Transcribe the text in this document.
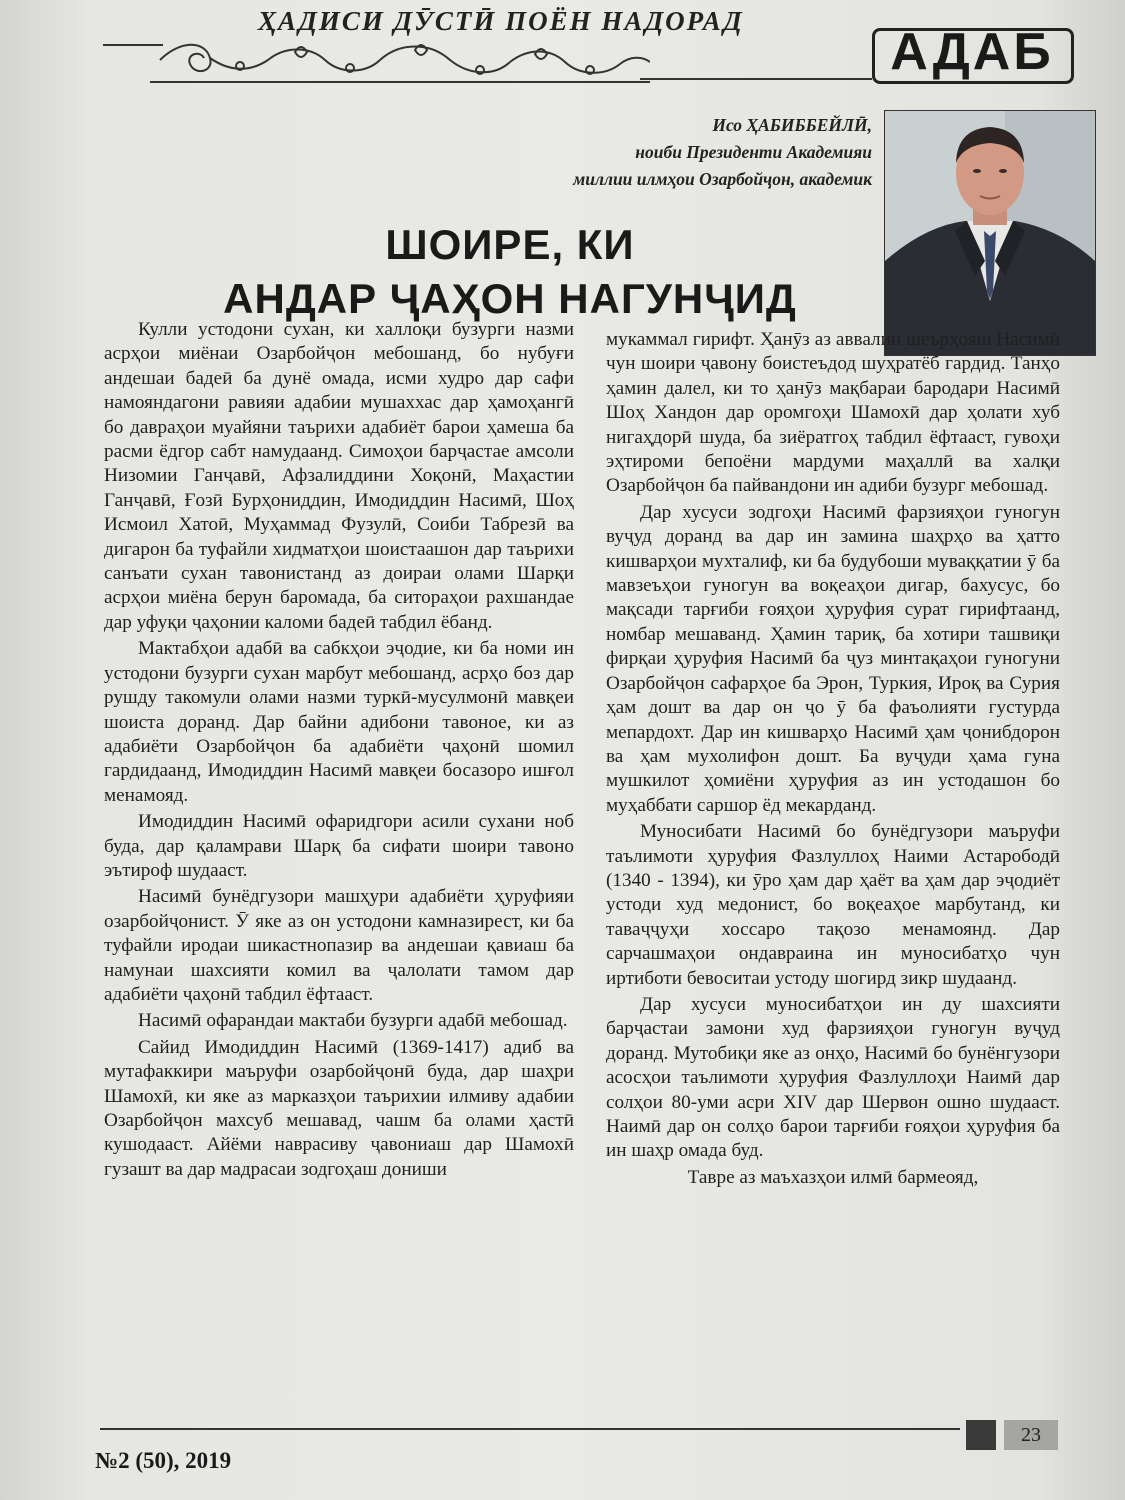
ҲАДИСИ ДӮСТӢ ПОЁН НАДОРАД
АДАБ
Исо ҲАБИББЕЙЛӢ,
ноиби Президенти Академияи
миллии илмҳои Озарбойҷон, академик
ШОИРЕ, КИ
АНДАР ҶАҲОН НАГУНҶИД

Кулли устодони сухан, ки халлоқи бузурги назми асрҳои миёнаи Озарбойҷон мебошанд, бо нубуғи андешаи бадеӣ ба дунё омада, исми худро дар сафи намояндагони равияи адабии мушаххас дар ҳамоҳангӣ бо давраҳои муайяни таърихи адабиёт барои ҳамеша ба расми ёдгор сабт намудаанд. Симоҳои барҷастае амсоли Низомии Ганҷавӣ, Афзалиддини Хоқонӣ, Маҳастии Ганҷавӣ, Ғозӣ Бурҳониддин, Имодиддин Насимӣ, Шоҳ Исмоил Хатоӣ, Муҳаммад Фузулӣ, Соиби Табрезӣ ва дигарон ба туфайли хидматҳои шоистаашон дар таърихи санъати сухан тавонистанд аз доираи олами Шарқи асрҳои миёна берун баромада, ба ситораҳои рахшандае дар уфуқи ҷаҳонии каломи бадеӣ табдил ёбанд.

Мактабҳои адабӣ ва сабкҳои эҷодие, ки ба номи ин устодони бузурги сухан марбут мебошанд, асрҳо боз дар рушду такомули олами назми туркӣ-мусулмонӣ мавқеи шоиста доранд. Дар байни адибони тавоное, ки аз адабиёти Озарбойҷон ба адабиёти ҷаҳонӣ шомил гардидаанд, Имодиддин Насимӣ мавқеи босазоро ишғол менамояд.

Имодиддин Насимӣ офаридгори асили сухани ноб буда, дар қаламрави Шарқ ба сифати шоири тавоно эътироф шудааст.

Насимӣ бунёдгузори машҳури адабиёти ҳуруфияи озарбойҷонист. Ӯ яке аз он устодони камназирест, ки ба туфайли иродаи шикастнопазир ва андешаи қавиаш ба намунаи шахсияти комил ва ҷалолати тамом дар адабиёти ҷаҳонӣ табдил ёфтааст.

Насимӣ офарандаи мактаби бузурги адабӣ мебошад.

Сайид Имодиддин Насимӣ (1369-1417) адиб ва мутафаккири маъруфи озарбойҷонӣ буда, дар шаҳри Шамохӣ, ки яке аз марказҳои таърихии илмиву адабии Озарбойҷон махсуб мешавад, чашм ба олами ҳастӣ кушодааст. Айёми наврасиву ҷавониаш дар Шамохӣ гузашт ва дар мадрасаи зодгоҳаш дониши

мукаммал гирифт. Ҳанӯз аз аввалин шеърҳояш Насимӣ чун шоири ҷавону боистеъдод шуҳратёб гардид. Танҳо ҳамин далел, ки то ҳанӯз мақбараи бародари Насимӣ Шоҳ Хандон дар оромгоҳи Шамохӣ дар ҳолати хуб нигаҳдорӣ шуда, ба зиёратгоҳ табдил ёфтааст, гувоҳи эҳтироми бепоёни мардуми маҳаллӣ ва халқи Озарбойҷон ба пайвандони ин адиби бузург мебошад.

Дар хусуси зодгоҳи Насимӣ фарзияҳои гуногун вуҷуд доранд ва дар ин замина шаҳрҳо ва ҳатто кишварҳои мухталиф, ки ба будубоши муваққатии ӯ ба мавзеъҳои гуногун ва воқеаҳои дигар, бахусус, бо мақсади тарғиби ғояҳои ҳуруфия сурат гирифтаанд, номбар мешаванд. Ҳамин тариқ, ба хотири ташвиқи фирқаи ҳуруфия Насимӣ ба ҷуз минтақаҳои гуногуни Озарбойҷон сафарҳое ба Эрон, Туркия, Ироқ ва Сурия ҳам дошт ва дар он ҷо ӯ ба фаъолияти густурда мепардохт. Дар ин кишварҳо Насимӣ ҳам ҷонибдорон ва ҳам мухолифон дошт. Ба вуҷуди ҳама гуна мушкилот ҳомиёни ҳуруфия аз ин устодашон бо муҳаббати саршор ёд мекарданд.

Муносибати Насимӣ бо бунёдгузори маъруфи таълимоти ҳуруфия Фазлуллоҳ Наими Астарободӣ (1340 - 1394), ки ӯро ҳам дар ҳаёт ва ҳам дар эҷодиёт устоди худ медонист, бо воқеаҳое марбутанд, ки таваҷҷуҳи хоссаро тақозо менамоянд. Дар сарчашмаҳои ондавраина ин муносибатҳо чун иртиботи бевоситаи устоду шогирд зикр шудаанд.

Дар хусуси муносибатҳои ин ду шахсияти барҷастаи замони худ фарзияҳои гуногун вуҷуд доранд. Мутобиқи яке аз онҳо, Насимӣ бо бунёнгузори асосҳои таълимоти ҳуруфия Фазлуллоҳи Наимӣ дар солҳои 80-уми асри XIV дар Шервон ошно шудааст. Наимӣ дар он солҳо барои тарғиби ғояҳои ҳуруфия ба ин шаҳр омада буд.

Тавре аз маъхазҳои илмӣ бармеояд,

23
№2 (50), 2019
